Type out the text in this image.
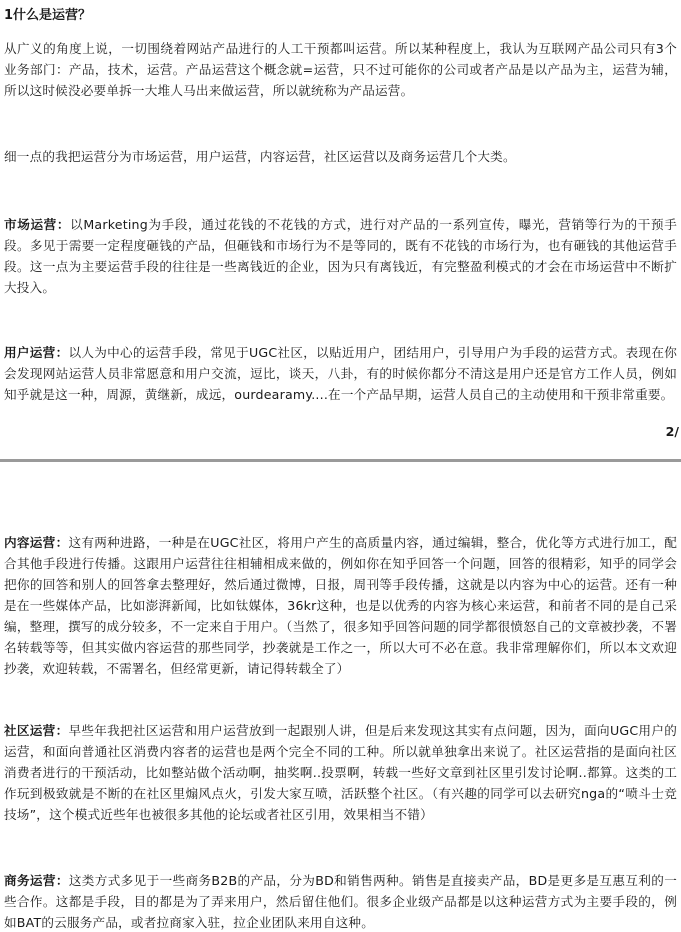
1什么是运营？

从广义的角度上说，一切围绕着网站产品进行的人工干预都叫运营。所以某种程度上，我认为互联网产品公司只有3个业务部门：产品，技术，运营。产品运营这个概念就=运营，只不过可能你的公司或者产品是以产品为主，运营为辅，所以这时候没必要单拆一大堆人马出来做运营，所以就统称为产品运营。

细一点的我把运营分为市场运营，用户运营，内容运营，社区运营以及商务运营几个大类。

市场运营：以Marketing为手段，通过花钱的不花钱的方式，进行对产品的一系列宣传，曝光，营销等行为的干预手段。多见于需要一定程度砸钱的产品，但砸钱和市场行为不是等同的，既有不花钱的市场行为，也有砸钱的其他运营手段。这一点为主要运营手段的往往是一些离钱近的企业，因为只有离钱近，有完整盈利模式的才会在市场运营中不断扩大投入。

用户运营：以人为中心的运营手段，常见于UGC社区，以贴近用户，团结用户，引导用户为手段的运营方式。表现在你会发现网站运营人员非常愿意和用户交流，逗比，谈天，八卦，有的时候你都分不清这是用户还是官方工作人员，例如知乎就是这一种，周源，黄继新，成远，ourdearamy....在一个产品早期，运营人员自己的主动使用和干预非常重要。

2/

内容运营：这有两种进路，一种是在UGC社区，将用户产生的高质量内容，通过编辑，整合，优化等方式进行加工，配合其他手段进行传播。这跟用户运营往往相辅相成来做的，例如你在知乎回答一个问题，回答的很精彩，知乎的同学会把你的回答和别人的回答拿去整理好，然后通过微博，日报，周刊等手段传播，这就是以内容为中心的运营。还有一种是在一些媒体产品，比如澎湃新闻，比如钛媒体，36kr这种，也是以优秀的内容为核心来运营，和前者不同的是自己采编，整理，撰写的成分较多，不一定来自于用户。（当然了，很多知乎回答问题的同学都很愤怒自己的文章被抄袭，不署名转载等等，但其实做内容运营的那些同学，抄袭就是工作之一，所以大可不必在意。我非常理解你们，所以本文欢迎抄袭，欢迎转载，不需署名，但经常更新，请记得转载全了）

社区运营：早些年我把社区运营和用户运营放到一起跟别人讲，但是后来发现这其实有点问题，因为，面向UGC用户的运营，和面向普通社区消费内容者的运营也是两个完全不同的工种。所以就单独拿出来说了。社区运营指的是面向社区消费者进行的干预活动，比如整站做个活动啊，抽奖啊..投票啊，转载一些好文章到社区里引发讨论啊..都算。这类的工作玩到极致就是不断的在社区里煽风点火，引发大家互喷，活跃整个社区。（有兴趣的同学可以去研究nga的“喷斗士竞技场”，这个模式近些年也被很多其他的论坛或者社区引用，效果相当不错）

商务运营：这类方式多见于一些商务B2B的产品，分为BD和销售两种。销售是直接卖产品，BD是更多是互惠互利的一些合作。这都是手段，目的都是为了弄来用户，然后留住他们。很多企业级产品都是以这种运营方式为主要手段的，例如BAT的云服务产品，或者拉商家入驻，拉企业团队来用自这种。
